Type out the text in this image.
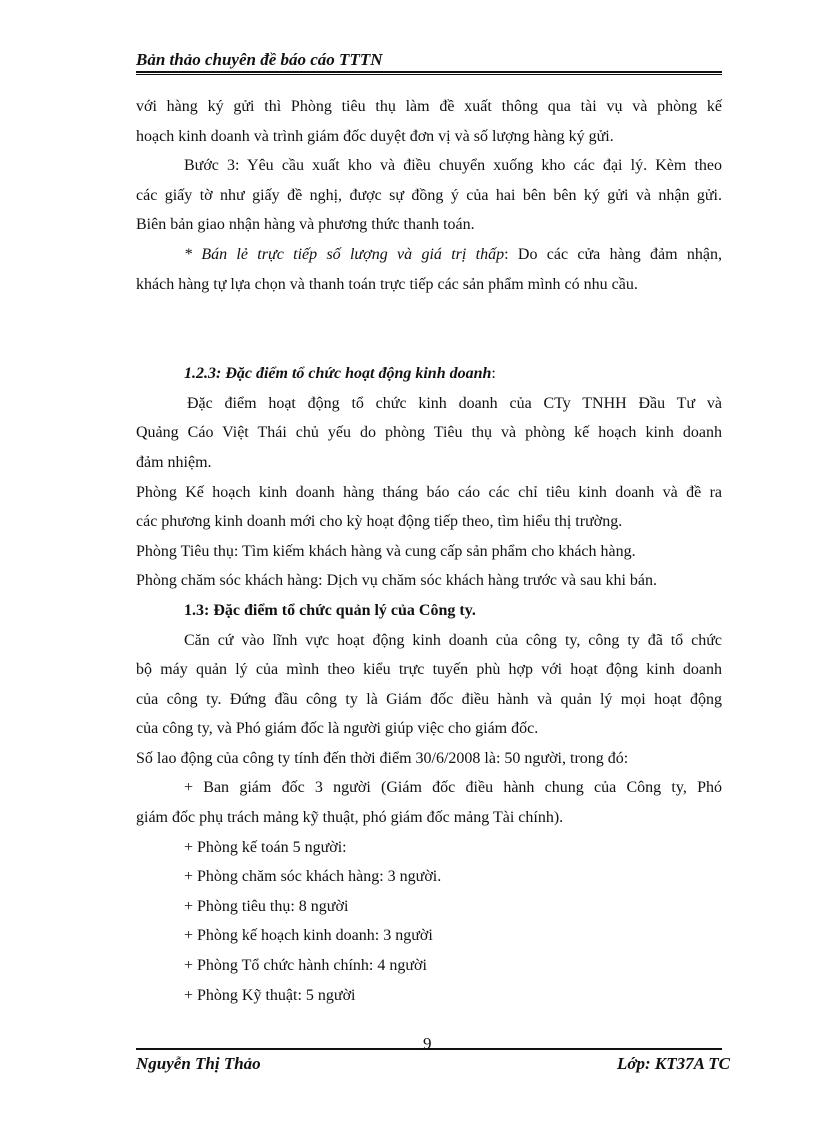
Bản thảo chuyên đề báo cáo TTTN

với hàng ký gửi thì Phòng tiêu thụ làm đề xuất thông qua tài vụ và phòng kế

hoạch kinh doanh và trình giám đốc duyệt đơn vị và số lượng hàng ký gửi.

Bước 3: Yêu cầu xuất kho và điều chuyển xuống kho các đại lý. Kèm theo

các giấy tờ như giấy đề nghị, được sự đồng ý của hai bên bên ký gửi và nhận gửi.

Biên bản giao nhận hàng và phương thức thanh toán.

* Bán lẻ trực tiếp số lượng và giá trị thấp: Do các cửa hàng đảm nhận,

khách hàng tự lựa chọn và thanh toán trực tiếp các sản phẩm mình có nhu cầu.

1.2.3: Đặc điểm tổ chức hoạt động kinh doanh:

Đặc điểm hoạt động tổ chức kinh doanh của CTy TNHH Đầu Tư và

Quảng Cáo Việt Thái chủ yếu do phòng Tiêu thụ và phòng kế hoạch kinh doanh

đảm nhiệm.

Phòng Kế hoạch kinh doanh hàng tháng báo cáo các chỉ tiêu kinh doanh và đề ra

các phương kinh doanh mới cho kỳ hoạt động tiếp theo, tìm hiểu thị trường.

Phòng Tiêu thụ: Tìm kiếm khách hàng và cung cấp sản phẩm cho khách hàng.

Phòng chăm sóc khách hàng: Dịch vụ chăm sóc khách hàng trước và sau khi bán.

1.3: Đặc điểm tổ chức quản lý của Công ty.

Căn cứ vào lĩnh vực hoạt động kinh doanh của công ty, công ty đã tổ chức

bộ máy quản lý của mình theo kiểu trực tuyến phù hợp với hoạt động kinh doanh

của công ty. Đứng đầu công ty là Giám đốc điều hành và quản lý mọi hoạt động

của công ty, và Phó giám đốc là người giúp việc cho giám đốc.

Số lao động của công ty tính đến thời điểm 30/6/2008 là: 50 người, trong đó:

+ Ban giám đốc 3 người (Giám đốc điều hành chung của Công ty, Phó

giám đốc phụ trách mảng kỹ thuật, phó giám đốc mảng Tài chính).

+ Phòng kế toán 5 người:

+ Phòng chăm sóc khách hàng: 3 người.

+ Phòng tiêu thụ: 8 người

+ Phòng kế hoạch kinh doanh: 3 người

+ Phòng Tổ chức hành chính: 4 người

+ Phòng Kỹ thuật: 5 người

9
Nguyễn Thị Thảo	Lớp: KT37A TC
